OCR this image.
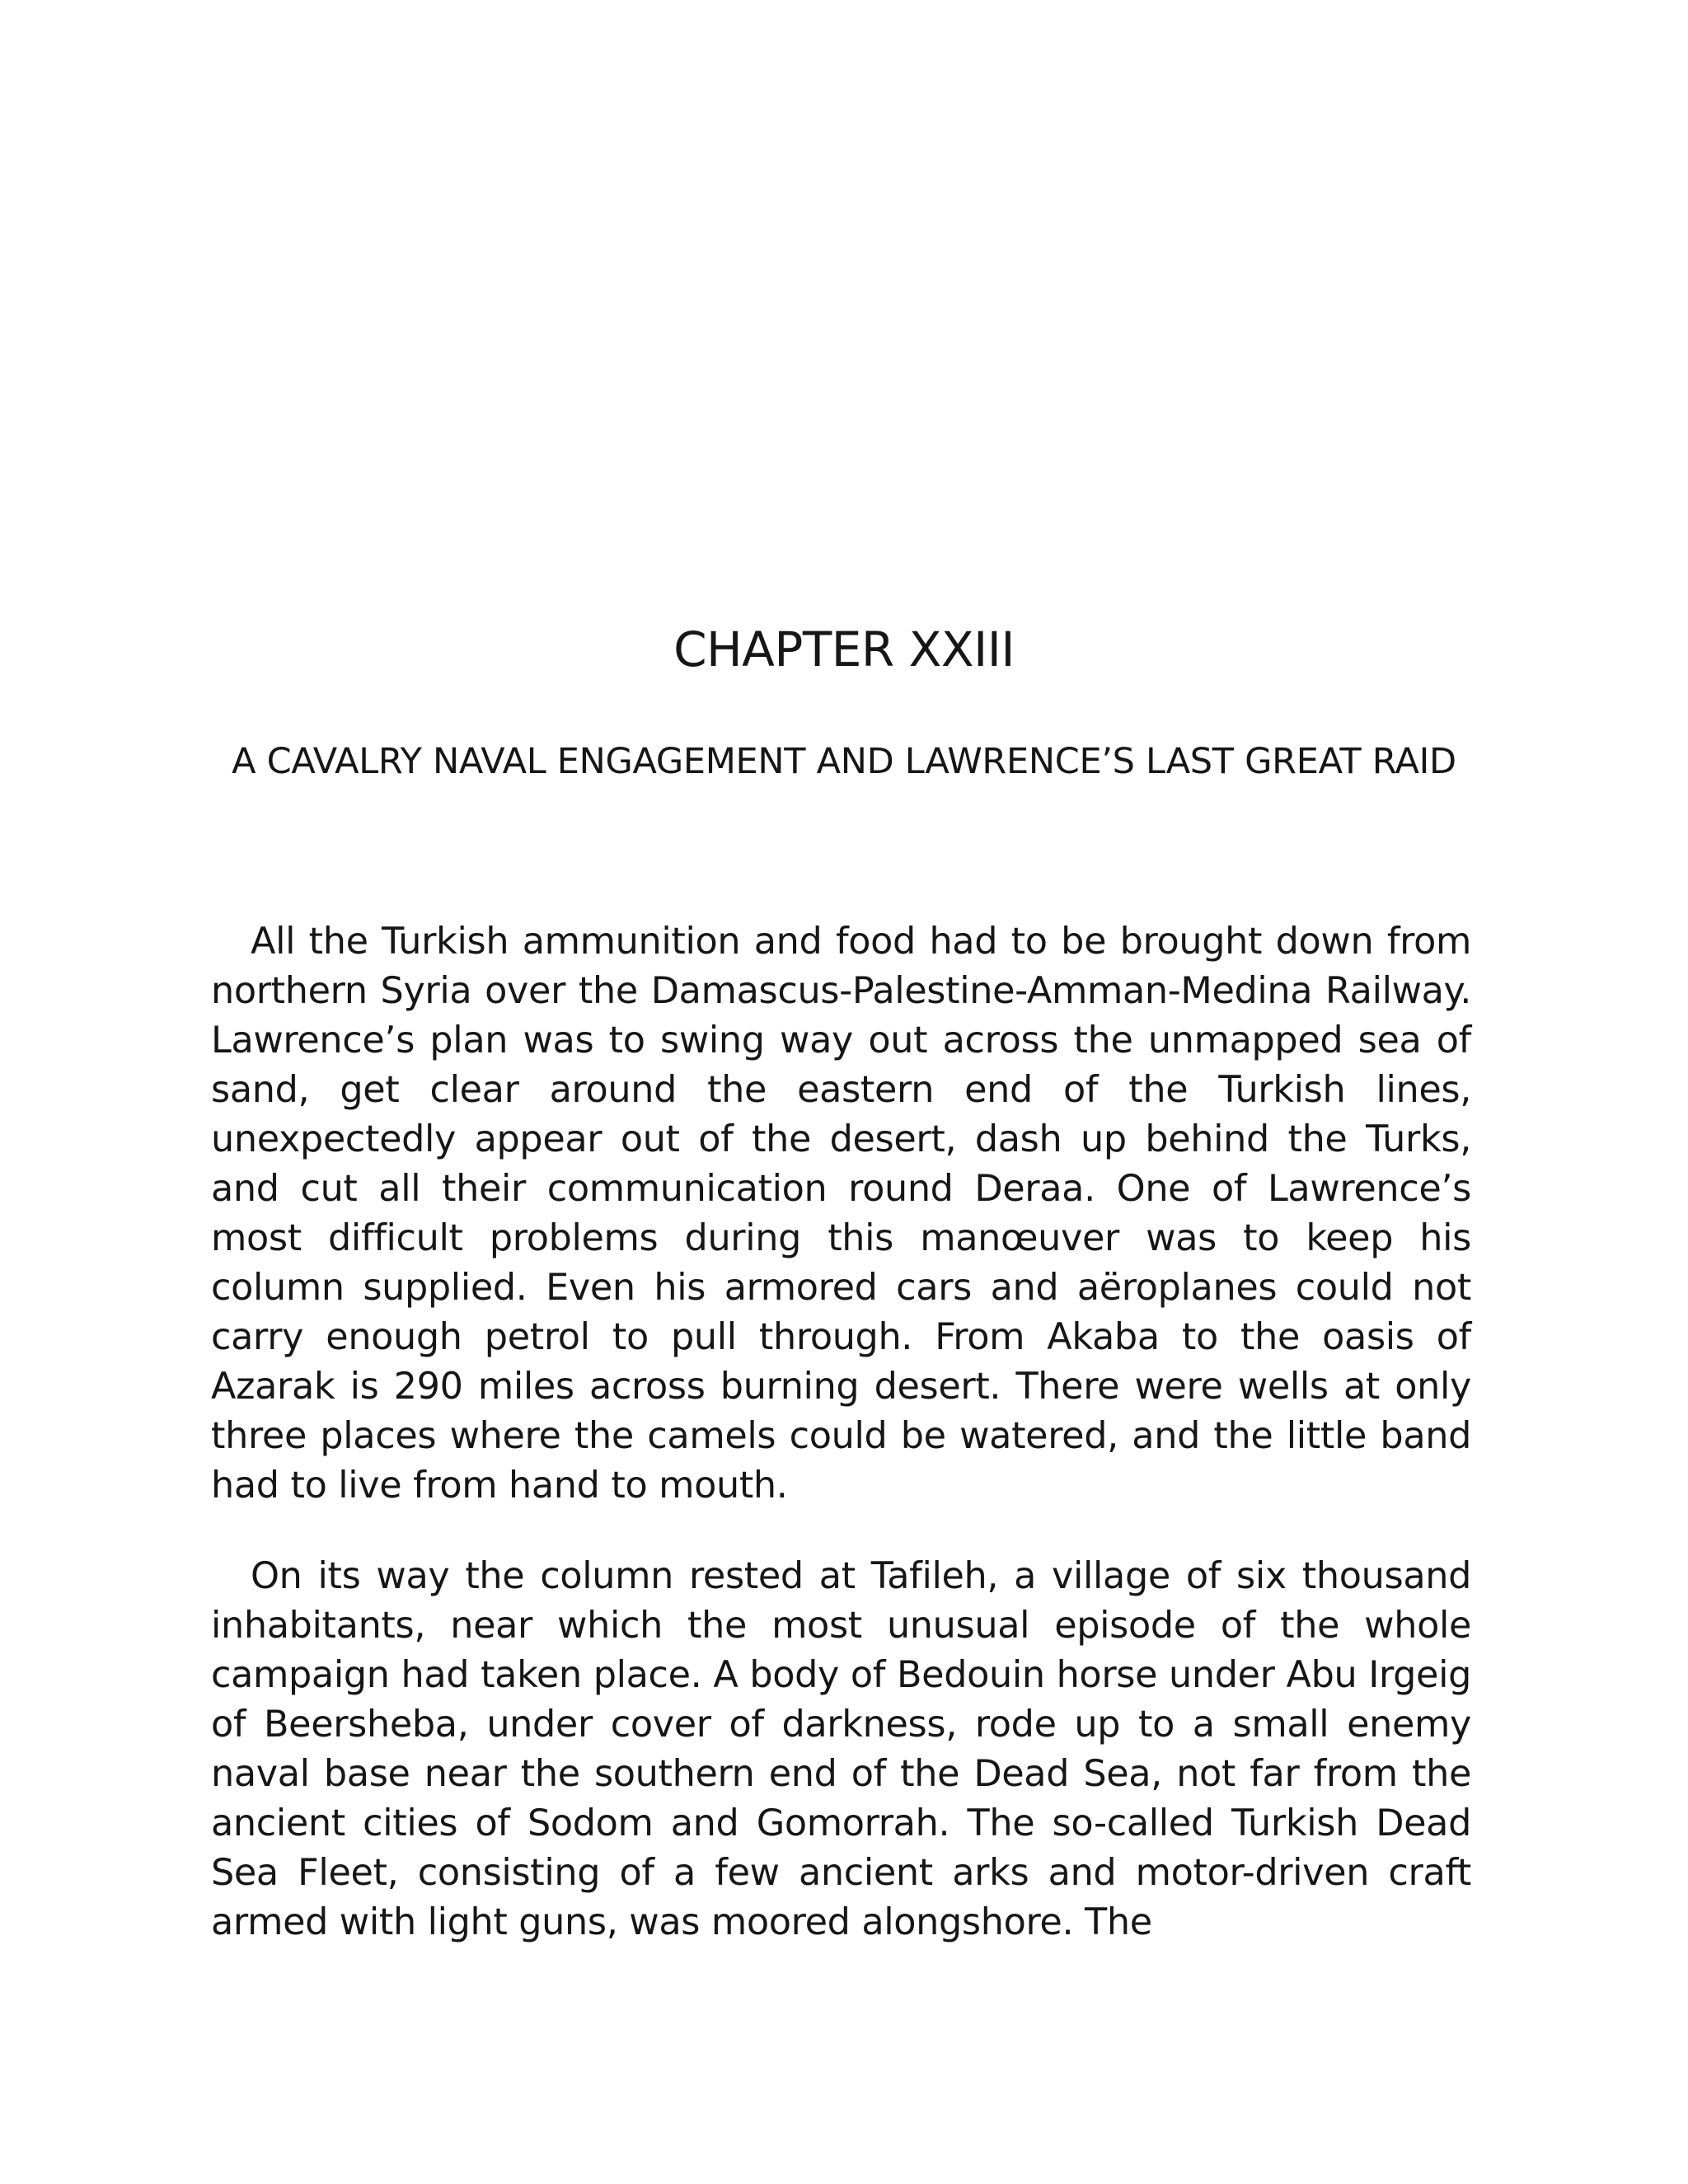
CHAPTER XXIII
A CAVALRY NAVAL ENGAGEMENT AND LAWRENCE’S LAST GREAT RAID

All the Turkish ammunition and food had to be brought down from northern Syria over the Damascus-Palestine-Amman-Medina Railway. Lawrence’s plan was to swing way out across the unmapped sea of sand, get clear around the eastern end of the Turkish lines, unexpectedly appear out of the desert, dash up behind the Turks, and cut all their communication round Deraa. One of Lawrence’s most difficult problems during this manœuver was to keep his column supplied. Even his armored cars and aëroplanes could not carry enough petrol to pull through. From Akaba to the oasis of Azarak is 290 miles across burning desert. There were wells at only three places where the camels could be watered, and the little band had to live from hand to mouth.

On its way the column rested at Tafileh, a village of six thousand inhabitants, near which the most unusual episode of the whole campaign had taken place. A body of Bedouin horse under Abu Irgeig of Beersheba, under cover of darkness, rode up to a small enemy naval base near the southern end of the Dead Sea, not far from the ancient cities of Sodom and Gomorrah. The so-called Turkish Dead Sea Fleet, consisting of a few ancient arks and motor-driven craft armed with light guns, was moored alongshore. The
